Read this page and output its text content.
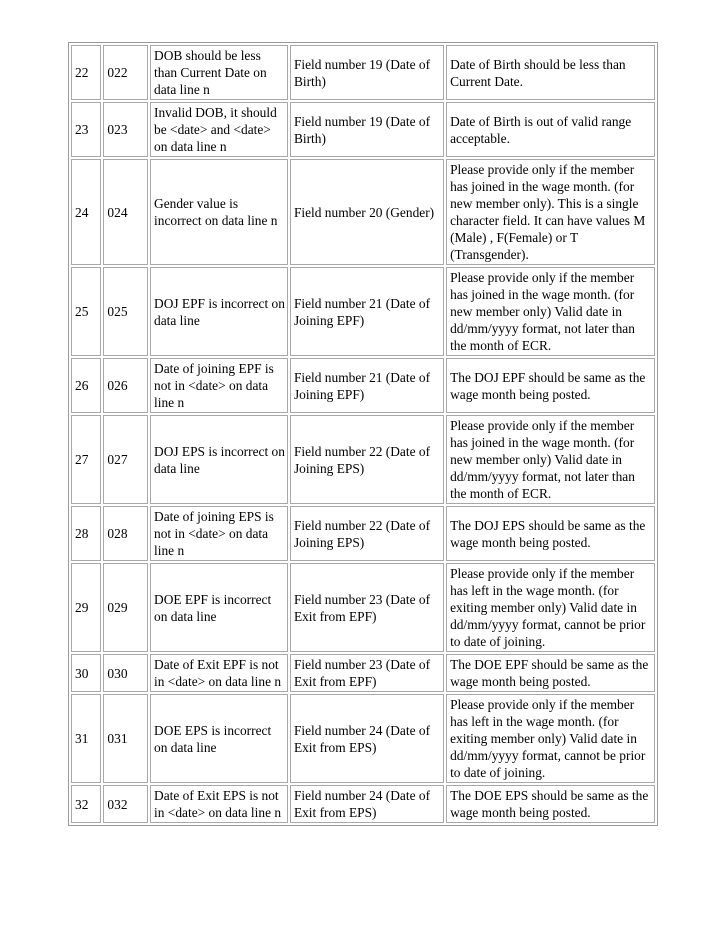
22	022	DOB should be less than Current Date on data line n	Field number 19 (Date of Birth)	Date of Birth should be less than Current Date.
23	023	Invalid DOB, it should be <date> and <date> on data line n	Field number 19 (Date of Birth)	Date of Birth is out of valid range acceptable.
24	024	Gender value is incorrect on data line n	Field number 20 (Gender)	Please provide only if the member has joined in the wage month. (for new member only). This is a single character field. It can have values M (Male) , F(Female) or T (Transgender).
25	025	DOJ EPF is incorrect on data line	Field number 21 (Date of Joining EPF)	Please provide only if the member has joined in the wage month. (for new member only) Valid date in dd/mm/yyyy format, not later than the month of ECR.
26	026	Date of joining EPF is not in <date> on data line n	Field number 21 (Date of Joining EPF)	The DOJ EPF should be same as the wage month being posted.
27	027	DOJ EPS is incorrect on data line	Field number 22 (Date of Joining EPS)	Please provide only if the member has joined in the wage month. (for new member only) Valid date in dd/mm/yyyy format, not later than the month of ECR.
28	028	Date of joining EPS is not in <date> on data line n	Field number 22 (Date of Joining EPS)	The DOJ EPS should be same as the wage month being posted.
29	029	DOE EPF is incorrect on data line	Field number 23 (Date of Exit from EPF)	Please provide only if the member has left in the wage month. (for exiting member only) Valid date in dd/mm/yyyy format, cannot be prior to date of joining.
30	030	Date of Exit EPF is not in <date> on data line n	Field number 23 (Date of Exit from EPF)	The DOE EPF should be same as the wage month being posted.
31	031	DOE EPS is incorrect on data line	Field number 24 (Date of Exit from EPS)	Please provide only if the member has left in the wage month. (for exiting member only) Valid date in dd/mm/yyyy format, cannot be prior to date of joining.
32	032	Date of Exit EPS is not in <date> on data line n	Field number 24 (Date of Exit from EPS)	The DOE EPS should be same as the wage month being posted.
